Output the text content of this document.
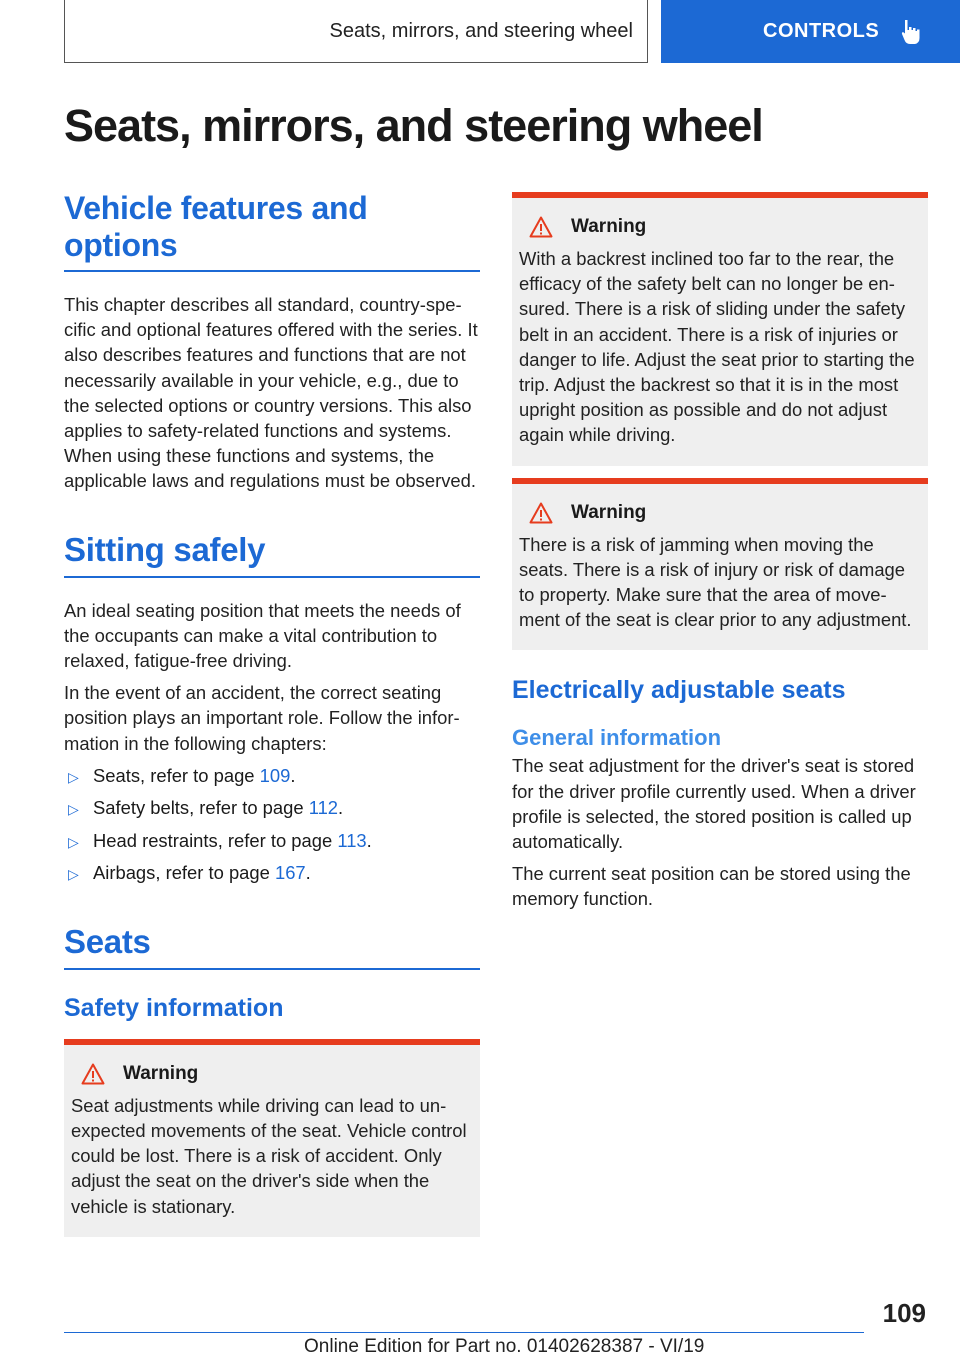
Seats, mirrors, and steering wheel	CONTROLS
Seats, mirrors, and steering wheel
Vehicle features and options

This chapter describes all standard, country-specific and optional features offered with the series. It also describes features and functions that are not necessarily available in your vehicle, e.g., due to the selected options or country versions. This also applies to safety-related functions and systems. When using these functions and systems, the applicable laws and regulations must be observed.

Sitting safely

An ideal seating position that meets the needs of the occupants can make a vital contribution to relaxed, fatigue-free driving.

In the event of an accident, the correct seating position plays an important role. Follow the information in the following chapters:

▷ Seats, refer to page 109.
▷ Safety belts, refer to page 112.
▷ Head restraints, refer to page 113.
▷ Airbags, refer to page 167.
Seats
Safety information
Warning

Seat adjustments while driving can lead to unexpected movements of the seat. Vehicle control could be lost. There is a risk of accident. Only adjust the seat on the driver's side when the vehicle is stationary.

Warning

With a backrest inclined too far to the rear, the efficacy of the safety belt can no longer be ensured. There is a risk of sliding under the safety belt in an accident. There is a risk of injuries or danger to life. Adjust the seat prior to starting the trip. Adjust the backrest so that it is in the most upright position as possible and do not adjust again while driving.

Warning

There is a risk of jamming when moving the seats. There is a risk of injury or risk of damage to property. Make sure that the area of movement of the seat is clear prior to any adjustment.

Electrically adjustable seats
General information

The seat adjustment for the driver's seat is stored for the driver profile currently used. When a driver profile is selected, the stored position is called up automatically.

The current seat position can be stored using the memory function.

109
Online Edition for Part no. 01402628387 - VI/19
